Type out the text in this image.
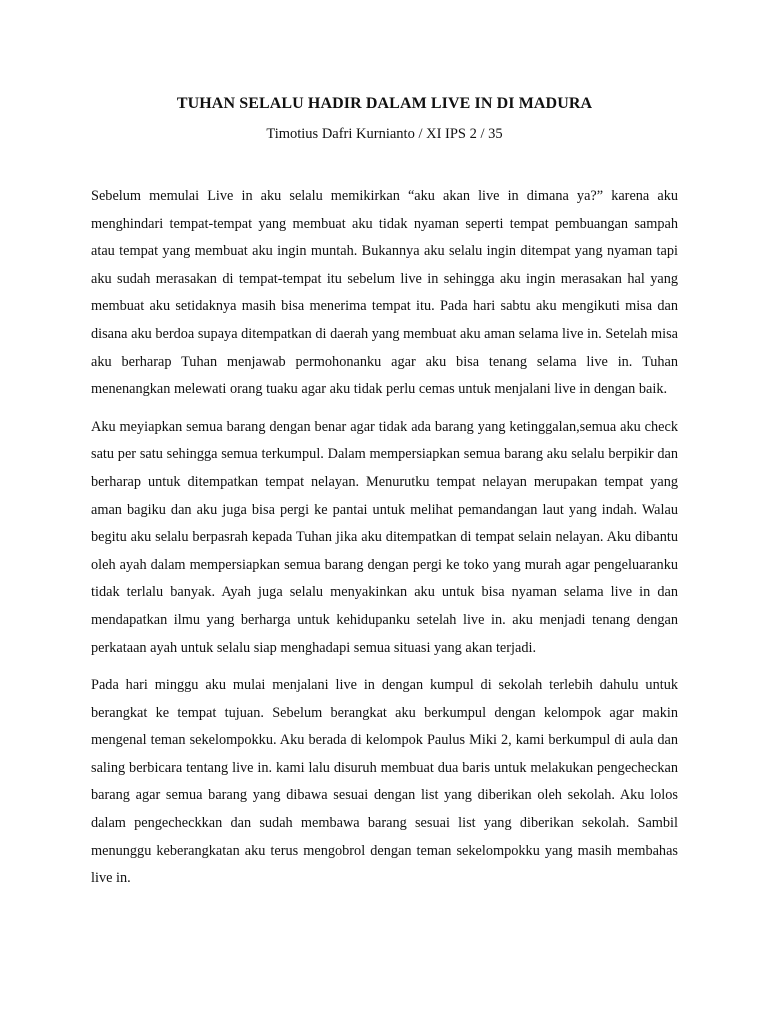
TUHAN SELALU HADIR DALAM LIVE IN DI MADURA

Timotius Dafri Kurnianto / XI IPS 2 / 35

Sebelum memulai Live in aku selalu memikirkan “aku akan live in dimana ya?” karena aku menghindari tempat-tempat yang membuat aku tidak nyaman seperti tempat pembuangan sampah atau tempat yang membuat aku ingin muntah. Bukannya aku selalu ingin ditempat yang nyaman tapi aku sudah merasakan di tempat-tempat itu sebelum live in sehingga aku ingin merasakan hal yang membuat aku setidaknya masih bisa menerima tempat itu. Pada hari sabtu aku mengikuti misa dan disana aku berdoa supaya ditempatkan di daerah yang membuat aku aman selama live in. Setelah misa aku berharap Tuhan menjawab permohonanku agar aku bisa tenang selama live in. Tuhan menenangkan melewati orang tuaku agar aku tidak perlu cemas untuk menjalani live in dengan baik.

Aku meyiapkan semua barang dengan benar agar tidak ada barang yang ketinggalan,semua aku check satu per satu sehingga semua terkumpul. Dalam mempersiapkan semua barang aku selalu berpikir dan berharap untuk ditempatkan tempat nelayan. Menurutku tempat nelayan merupakan tempat yang aman bagiku dan aku juga bisa pergi ke pantai untuk melihat pemandangan laut yang indah. Walau begitu aku selalu berpasrah kepada Tuhan jika aku ditempatkan di tempat selain nelayan. Aku dibantu oleh ayah dalam mempersiapkan semua barang dengan pergi ke toko yang murah agar pengeluaranku tidak terlalu banyak. Ayah juga selalu menyakinkan aku untuk bisa nyaman selama live in dan mendapatkan ilmu yang berharga untuk kehidupanku setelah live in. aku menjadi tenang dengan perkataan ayah untuk selalu siap menghadapi semua situasi yang akan terjadi.

Pada hari minggu aku mulai menjalani live in dengan kumpul di sekolah terlebih dahulu untuk berangkat ke tempat tujuan. Sebelum berangkat aku berkumpul dengan kelompok agar makin mengenal teman sekelompokku. Aku berada di kelompok Paulus Miki 2, kami berkumpul di aula dan saling berbicara tentang live in. kami lalu disuruh membuat dua baris untuk melakukan pengecheckan barang agar semua barang yang dibawa sesuai dengan list yang diberikan oleh sekolah. Aku lolos dalam pengecheckkan dan sudah membawa barang sesuai list yang diberikan sekolah. Sambil menunggu keberangkatan aku terus mengobrol dengan teman sekelompokku yang masih membahas live in.
